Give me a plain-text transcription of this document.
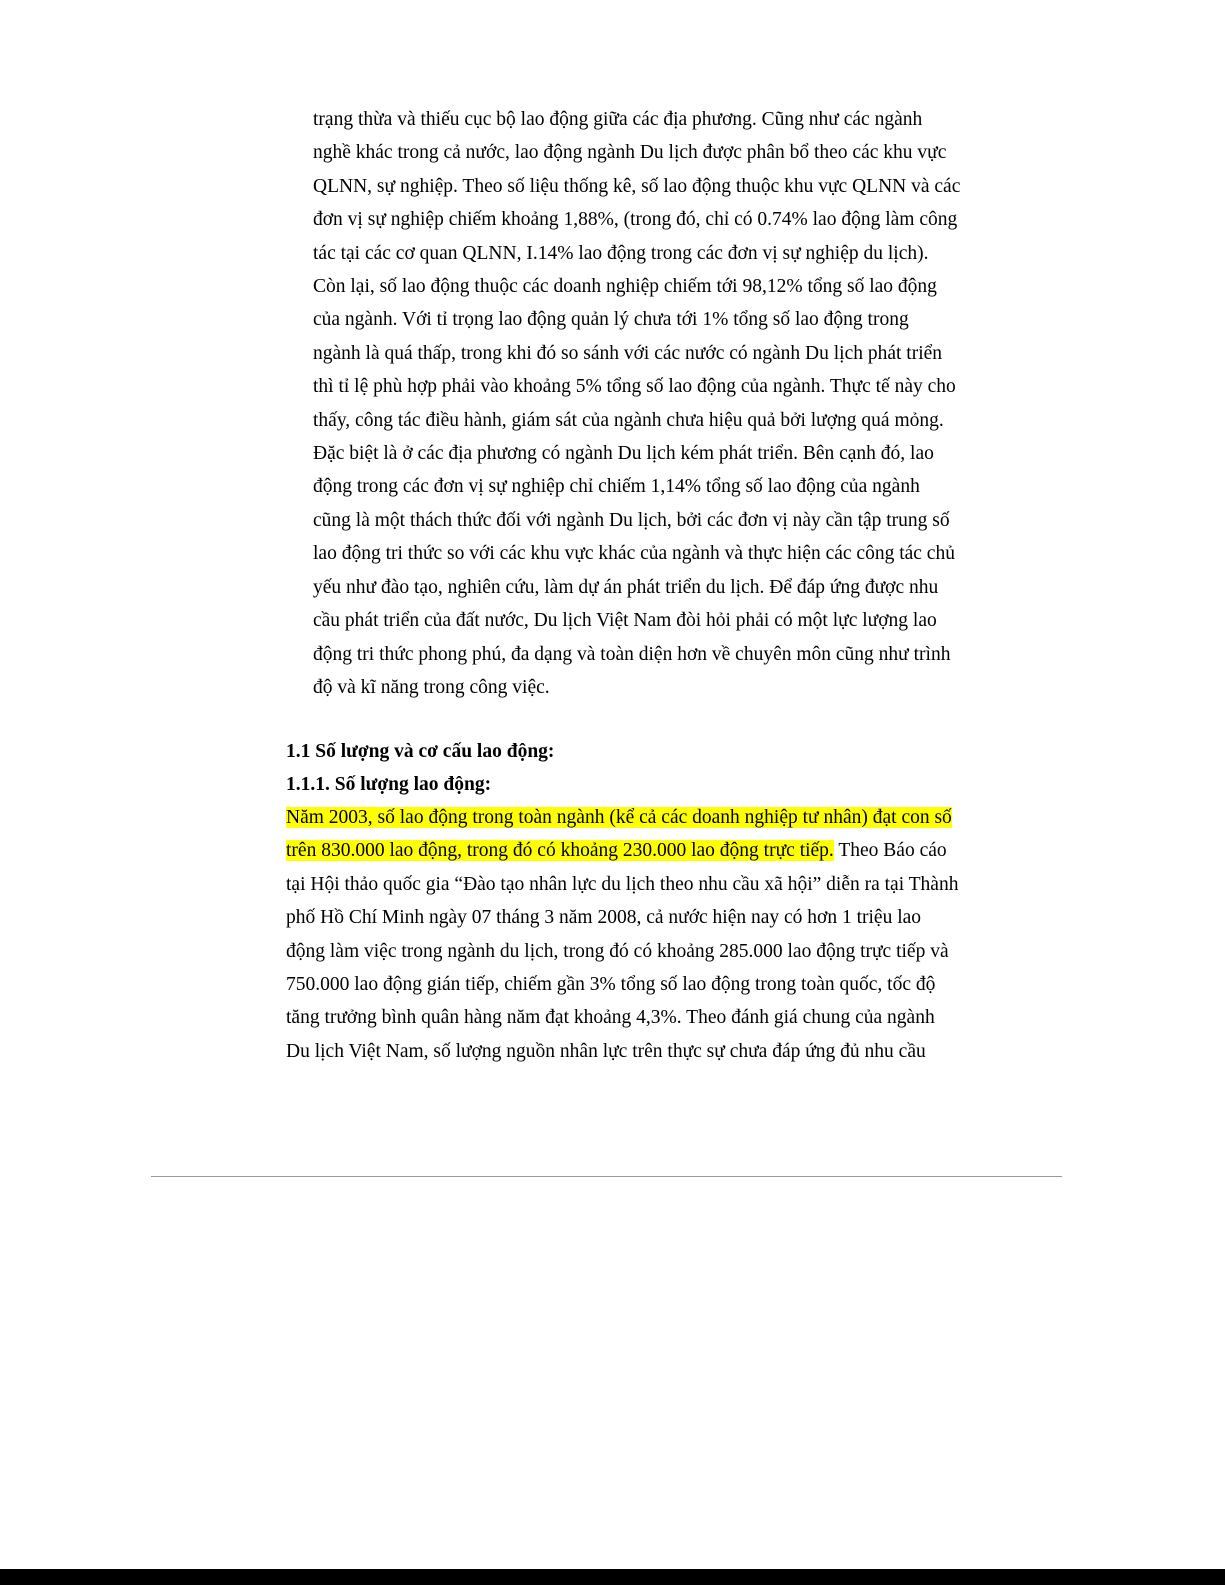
trạng thừa và thiếu cục bộ lao động giữa các địa phương. Cũng như các ngành
nghề khác trong cả nước, lao động ngành Du lịch được phân bổ theo các khu vực
QLNN, sự nghiệp. Theo số liệu thống kê, số lao động thuộc khu vực QLNN và các
đơn vị sự nghiệp chiếm khoảng 1,88%, (trong đó, chỉ có 0.74% lao động làm công
tác tại các cơ quan QLNN, I.14% lao động trong các đơn vị sự nghiệp du lịch).
Còn lại, số lao động thuộc các doanh nghiệp chiếm tới 98,12% tổng số lao động
của ngành. Với tỉ trọng lao động quản lý chưa tới 1% tổng số lao động trong
ngành là quá thấp, trong khi đó so sánh với các nước có ngành Du lịch phát triển
thì tỉ lệ phù hợp phải vào khoảng 5% tổng số lao động của ngành. Thực tế này cho
thấy, công tác điều hành, giám sát của ngành chưa hiệu quả bởi lượng quá mỏng.
Đặc biệt là ở các địa phương có ngành Du lịch kém phát triển. Bên cạnh đó, lao
động trong các đơn vị sự nghiệp chỉ chiếm 1,14% tổng số lao động của ngành
cũng là một thách thức đối với ngành Du lịch, bởi các đơn vị này cần tập trung số
lao động tri thức so với các khu vực khác của ngành và thực hiện các công tác chủ
yếu như đào tạo, nghiên cứu, làm dự án phát triển du lịch. Để đáp ứng được nhu
cầu phát triển của đất nước, Du lịch Việt Nam đòi hỏi phải có một lực lượng lao
động tri thức phong phú, đa dạng và toàn diện hơn về chuyên môn cũng như trình
độ và kĩ năng trong công việc.
1.1 Số lượng và cơ cấu lao động:
1.1.1. Số lượng lao động:
Năm 2003, số lao động trong toàn ngành (kể cả các doanh nghiệp tư nhân) đạt con số
trên 830.000 lao động, trong đó có khoảng 230.000 lao động trực tiếp. Theo Báo cáo
tại Hội thảo quốc gia “Đào tạo nhân lực du lịch theo nhu cầu xã hội” diễn ra tại Thành
phố Hồ Chí Minh ngày 07 tháng 3 năm 2008, cả nước hiện nay có hơn 1 triệu lao
động làm việc trong ngành du lịch, trong đó có khoảng 285.000 lao động trực tiếp và
750.000 lao động gián tiếp, chiếm gần 3% tổng số lao động trong toàn quốc, tốc độ
tăng trưởng bình quân hàng năm đạt khoảng 4,3%. Theo đánh giá chung của ngành
Du lịch Việt Nam, số lượng nguồn nhân lực trên thực sự chưa đáp ứng đủ nhu cầu
